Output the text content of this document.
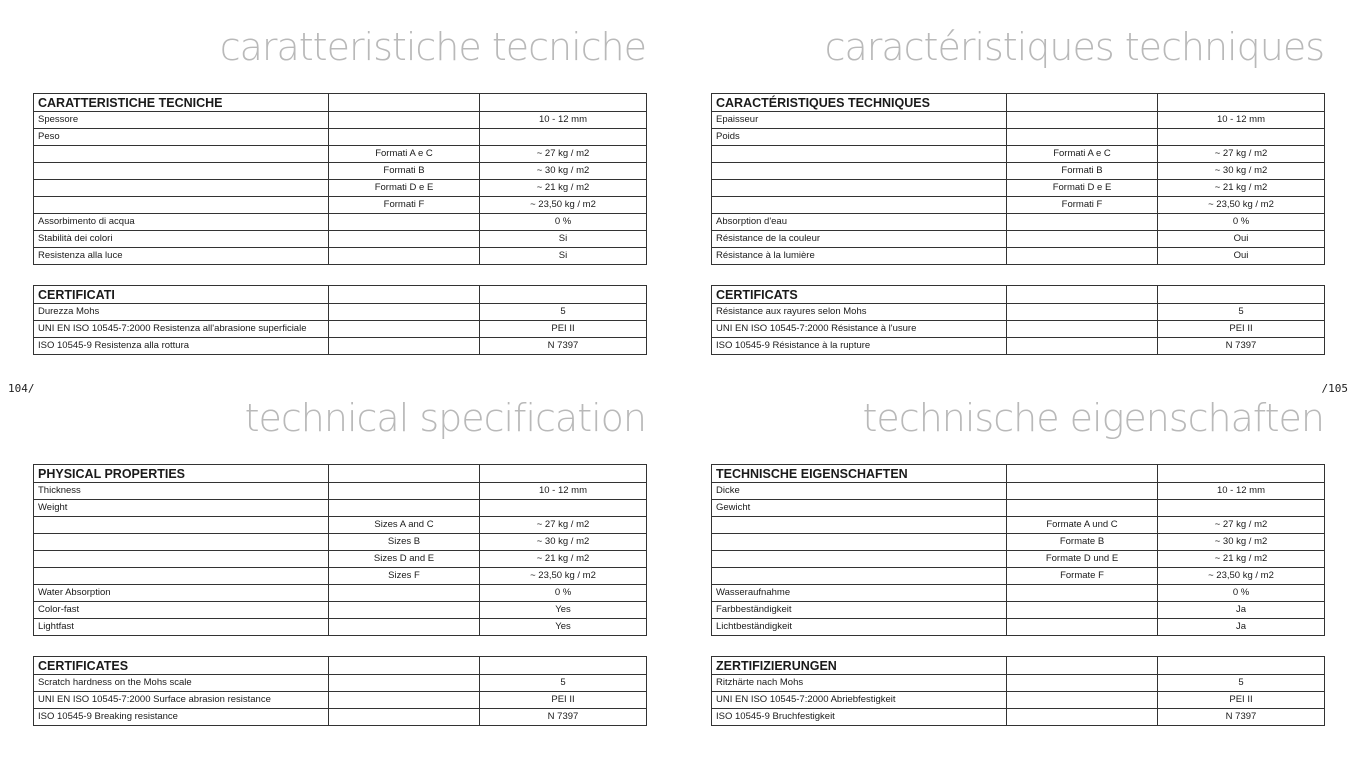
104/	/105
caratteristiche tecniche
CARATTERISTICHE TECNICHE		
Spessore		10 - 12 mm
Peso		
	Formati A e C	~ 27 kg / m2
	Formati B	~ 30 kg / m2
	Formati D e E	~ 21 kg / m2
	Formati F	~ 23,50 kg / m2
Assorbimento di acqua		0 %
Stabilità dei colori		Si
Resistenza alla luce		Si
CERTIFICATI		
Durezza Mohs		5
UNI EN ISO 10545-7:2000 Resistenza all'abrasione superficiale		PEI II
ISO 10545-9 Resistenza alla rottura		N 7397
caractéristiques techniques
CARACTÉRISTIQUES TECHNIQUES		
Epaisseur		10 - 12 mm
Poids		
	Formati A e C	~ 27 kg / m2
	Formati B	~ 30 kg / m2
	Formati D e E	~ 21 kg / m2
	Formati F	~ 23,50 kg / m2
Absorption d'eau		0 %
Résistance de la couleur		Oui
Résistance à la lumière		Oui
CERTIFICATS		
Résistance aux rayures selon Mohs		5
UNI EN ISO 10545-7:2000 Résistance à l'usure		PEI II
ISO 10545-9 Résistance à la rupture		N 7397
technical specification
PHYSICAL PROPERTIES		
Thickness		10 - 12 mm
Weight		
	Sizes A and C	~ 27 kg / m2
	Sizes B	~ 30 kg / m2
	Sizes D and E	~ 21 kg / m2
	Sizes F	~ 23,50 kg / m2
Water Absorption		0 %
Color-fast		Yes
Lightfast		Yes
CERTIFICATES		
Scratch hardness on the Mohs scale		5
UNI EN ISO 10545-7:2000 Surface abrasion resistance		PEI II
ISO 10545-9 Breaking resistance		N 7397
technische eigenschaften
TECHNISCHE EIGENSCHAFTEN		
Dicke		10 - 12 mm
Gewicht		
	Formate A und C	~ 27 kg / m2
	Formate B	~ 30 kg / m2
	Formate D und E	~ 21 kg / m2
	Formate F	~ 23,50 kg / m2
Wasseraufnahme		0 %
Farbbeständigkeit		Ja
Lichtbeständigkeit		Ja
ZERTIFIZIERUNGEN		
Ritzhärte nach Mohs		5
UNI EN ISO 10545-7:2000 Abriebfestigkeit		PEI II
ISO 10545-9 Bruchfestigkeit		N 7397
